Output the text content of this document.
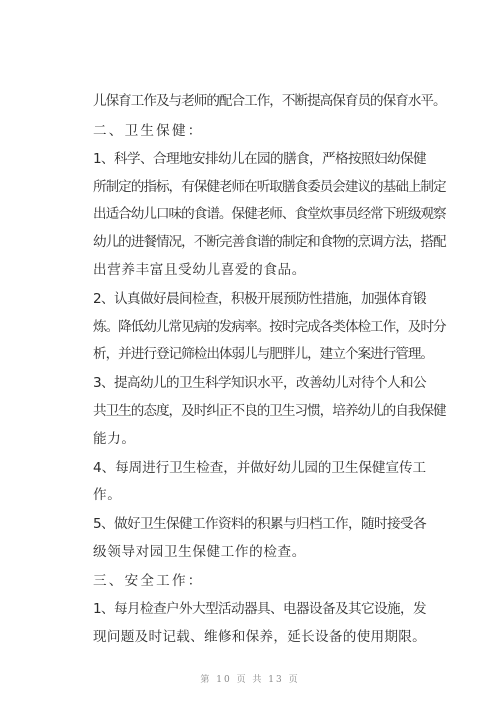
儿保育工作及与老师的配合工作，不断提高保育员的保育水平。
二、卫生保健：
1、科学、合理地安排幼儿在园的膳食，严格按照妇幼保健
所制定的指标，有保健老师在听取膳食委员会建议的基础上制定
出适合幼儿口味的食谱。保健老师、食堂炊事员经常下班级观察
幼儿的进餐情况，不断完善食谱的制定和食物的烹调方法，搭配
出营养丰富且受幼儿喜爱的食品。
2、认真做好晨间检查，积极开展预防性措施，加强体育锻
炼。降低幼儿常见病的发病率。按时完成各类体检工作，及时分
析，并进行登记筛检出体弱儿与肥胖儿，建立个案进行管理。
3、提高幼儿的卫生科学知识水平，改善幼儿对待个人和公
共卫生的态度，及时纠正不良的卫生习惯，培养幼儿的自我保健
能力。
4、每周进行卫生检查，并做好幼儿园的卫生保健宣传工
作。
5、做好卫生保健工作资料的积累与归档工作，随时接受各
级领导对园卫生保健工作的检查。
三、安全工作：
1、每月检查户外大型活动器具、电器设备及其它设施，发
现问题及时记载、维修和保养，延长设备的使用期限。
第 10 页 共 13 页
